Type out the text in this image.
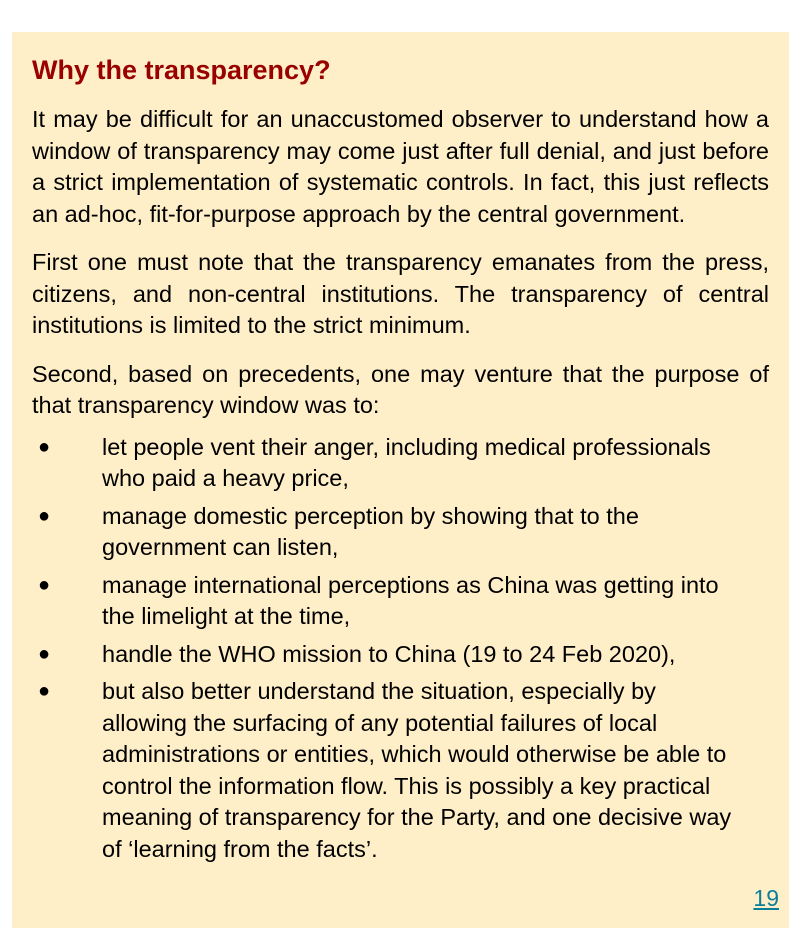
Why the transparency?

It may be difficult for an unaccustomed observer to understand how a window of transparency may come just after full denial, and just before a strict implementation of systematic controls. In fact, this just reflects an ad-hoc, fit-for-purpose approach by the central government.

First one must note that the transparency emanates from the press, citizens, and non-central institutions. The transparency of central institutions is limited to the strict minimum.

Second, based on precedents, one may venture that the purpose of that transparency window was to:

● let people vent their anger, including medical professionals who paid a heavy price,
● manage domestic perception by showing that to the government can listen,
● manage international perceptions as China was getting into the limelight at the time,
● handle the WHO mission to China (19 to 24 Feb 2020),
● but also better understand the situation, especially by allowing the surfacing of any potential failures of local administrations or entities, which would otherwise be able to control the information flow. This is possibly a key practical meaning of transparency for the Party, and one decisive way of ‘learning from the facts’.
19
